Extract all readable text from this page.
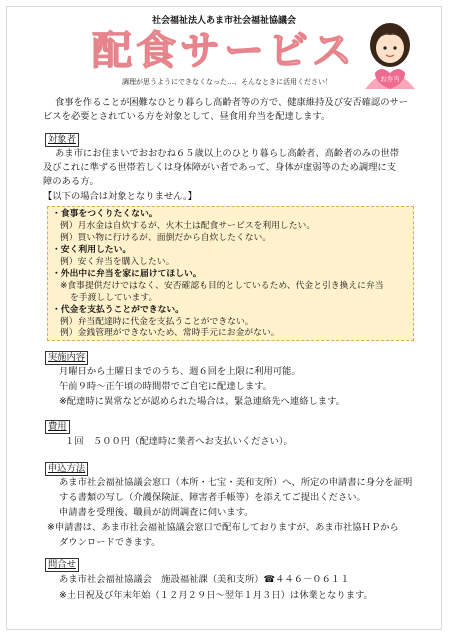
社会福祉法人あま市社会福祉協議会
配食サービス
調理が思うようにできなくなった…、そんなときに活用ください！	お弁当
食事を作ることが困難なひとり暮らし高齢者等の方で、健康維持及び安否確認のサー
ビスを必要とされている方を対象として、昼食用弁当を配達します。
対象者
あま市にお住まいでおおむね６５歳以上のひとり暮らし高齢者、高齢者のみの世帯
及びこれに準ずる世帯若しくは身体障がい者であって、身体が虚弱等のため調理に支
障のある方。
【以下の場合は対象となりません。】
・食事をつくりたくない。
例）月水金は自炊するが、火木土は配食サービスを利用したい。
例）買い物に行けるが、面倒だから自炊したくない。
・安く利用したい。
例）安く弁当を購入したい。
・外出中に弁当を家に届けてほしい。
※食事提供だけではなく、安否確認も目的としているため、代金と引き換えに弁当
を手渡ししています。
・代金を支払うことができない。
例）弁当配達時に代金を支払うことができない。
例）金銭管理ができないため、常時手元にお金がない。
実施内容
月曜日から土曜日までのうち、週６回を上限に利用可能。
午前９時〜正午頃の時間帯でご自宅に配達します。
※配達時に異常などが認められた場合は、緊急連絡先へ連絡します。
費用
１回　５００円（配達時に業者へお支払いください）。
申込方法
あま市社会福祉協議会窓口（本所・七宝・美和支所）へ、所定の申請書に身分を証明
する書類の写し（介護保険証、障害者手帳等）を添えてご提出ください。
申請書を受理後、職員が訪問調査に伺います。
※申請書は、あま市社会福祉協議会窓口で配布しておりますが、あま市社協ＨＰから
ダウンロードできます。
問合せ
あま市社会福祉協議会　施設福祉課（美和支所）☎４４６－０６１１
※土日祝及び年末年始（１２月２９日〜翌年１月３日）は休業となります。
